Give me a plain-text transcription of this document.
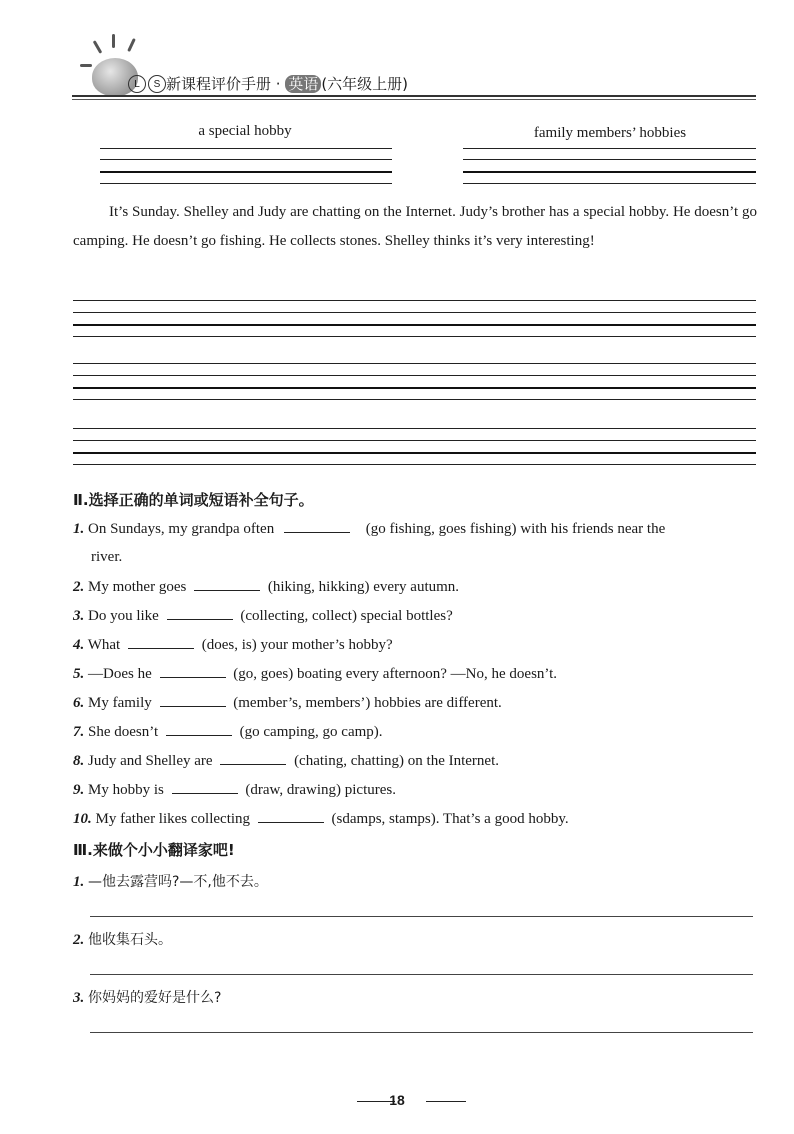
L	S 新课程评价手册 · 英语 (六年级上册)
a special hobby	family members’ hobbies
It’s Sunday. Shelley and Judy are chatting on the Internet. Judy’s brother has a special hobby. He doesn’t go camping. He doesn’t go fishing. He collects stones. Shelley thinks it’s very interesting!
Ⅱ.选择正确的单词或短语补全句子。
1. On Sundays, my grandpa often	(go fishing, goes fishing) with his friends near the
river.
2. My mother goes	(hiking, hikking) every autumn.
3. Do you like	(collecting, collect) special bottles?
4. What	(does, is) your mother’s hobby?
5. —Does he	(go, goes) boating every afternoon? —No, he doesn’t.
6. My family	(member’s, members’) hobbies are different.
7. She doesn’t	(go camping, go camp).
8. Judy and Shelley are	(chating, chatting) on the Internet.
9. My hobby is	(draw, drawing) pictures.
10. My father likes collecting	(sdamps, stamps). That’s a good hobby.
Ⅲ.来做个小小翻译家吧!
1. —他去露营吗?—不,他不去。
2. 他收集石头。
3. 你妈妈的爱好是什么?
18
